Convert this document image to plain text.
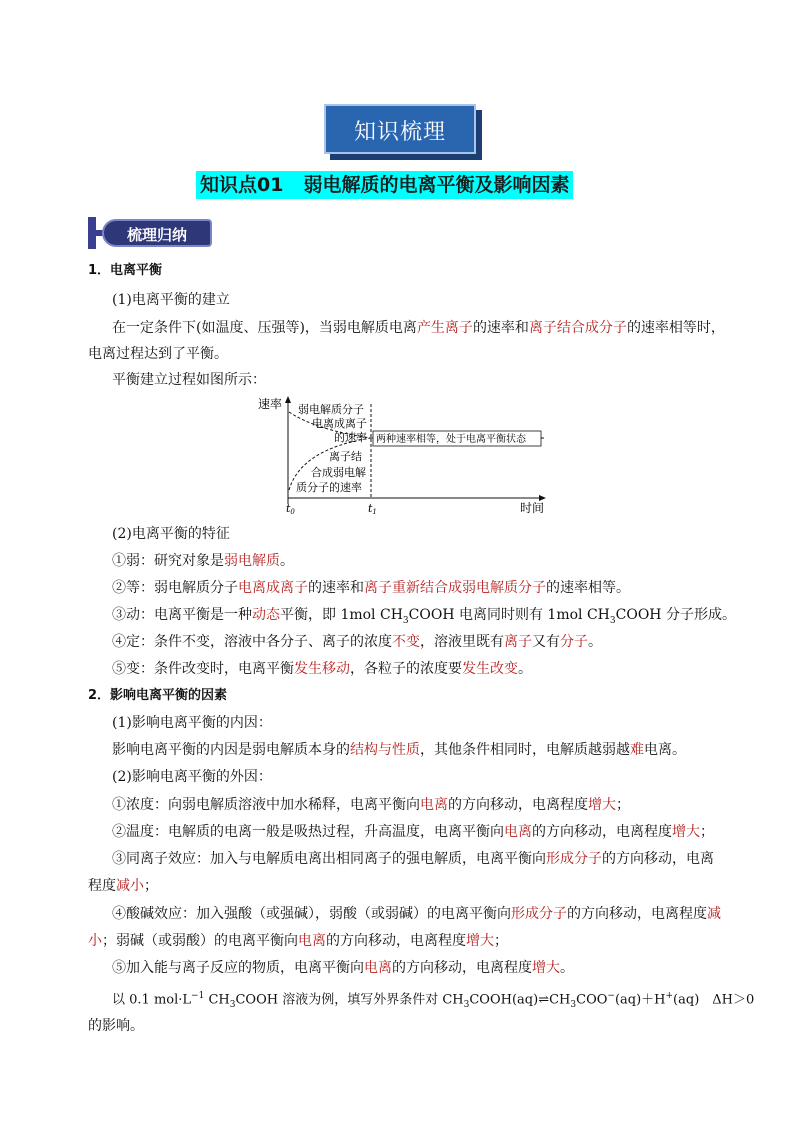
知识梳理
知识点01 弱电解质的电离平衡及影响因素
梳理归纳
1．电离平衡
(1)电离平衡的建立
在一定条件下(如温度、压强等)，当弱电解质电离产生离子的速率和离子结合成分子的速率相等时，
电离过程达到了平衡。
平衡建立过程如图所示：
速率
两种速率相等，处于电离平衡状态
弱电解质分子
电离成离子
的速率
离子结
合成弱电解
质分子的速率
t0	t1	时间
(2)电离平衡的特征
①弱：研究对象是弱电解质。
②等：弱电解质分子电离成离子的速率和离子重新结合成弱电解质分子的速率相等。
③动：电离平衡是一种动态平衡，即 1mol $CH_3COOH$ 电离同时则有 1mol $CH_3COOH$ 分子形成。
④定：条件不变，溶液中各分子、离子的浓度不变，溶液里既有离子又有分子。
⑤变：条件改变时，电离平衡发生移动，各粒子的浓度要发生改变。
2．影响电离平衡的因素
(1)影响电离平衡的内因：
影响电离平衡的内因是弱电解质本身的结构与性质，其他条件相同时，电解质越弱越难电离。
(2)影响电离平衡的外因：
①浓度：向弱电解质溶液中加水稀释，电离平衡向电离的方向移动，电离程度增大；
②温度：电解质的电离一般是吸热过程，升高温度，电离平衡向电离的方向移动，电离程度增大；
③同离子效应：加入与电解质电离出相同离子的强电解质，电离平衡向形成分子的方向移动，电离
程度减小；
④酸碱效应：加入强酸（或强碱），弱酸（或弱碱）的电离平衡向形成分子的方向移动，电离程度减
小；弱碱（或弱酸）的电离平衡向电离的方向移动，电离程度增大；
⑤加入能与离子反应的物质，电离平衡向电离的方向移动，电离程度增大。
以 0.1 $mol\cdot L^{-1}$ $CH_3COOH$ 溶液为例，填写外界条件对 $CH_3COOH(aq)\rightleftharpoons CH_3COO^-(aq)+H^+(aq)$　ΔH＞0
的影响。
